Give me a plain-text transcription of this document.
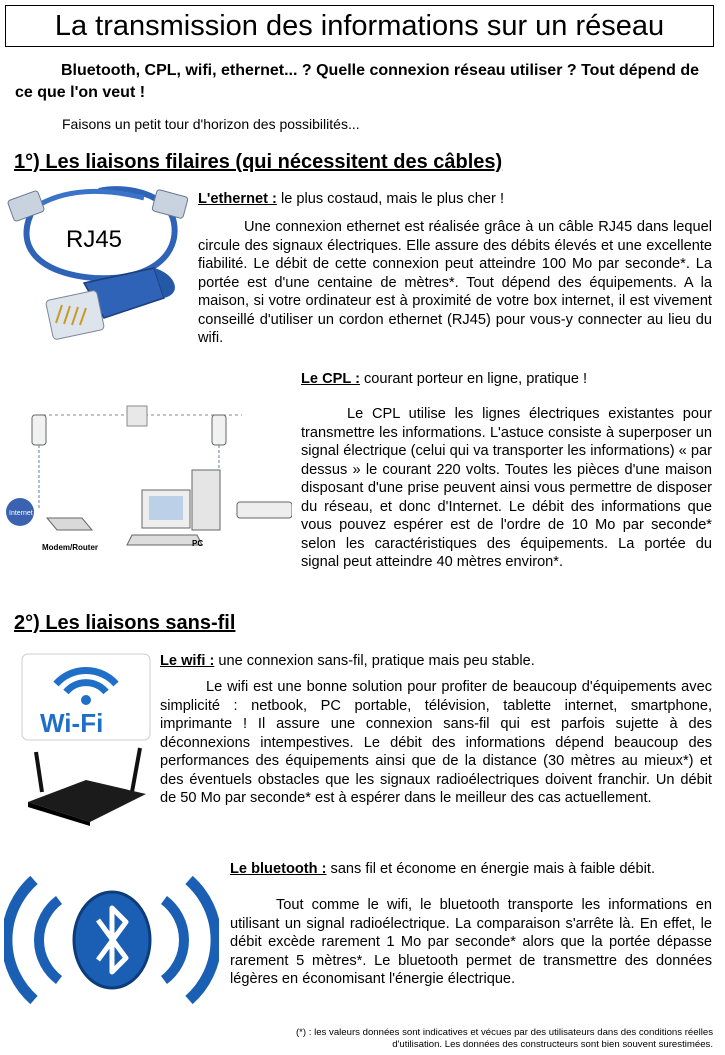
La transmission des informations sur un réseau
Bluetooth, CPL, wifi, ethernet... ? Quelle connexion réseau utiliser ? Tout dépend de ce que l'on veut !
Faisons un petit tour d'horizon des possibilités...
1°) Les liaisons filaires (qui nécessitent des câbles)
RJ45
L'ethernet : le plus costaud, mais le plus cher !
Une connexion ethernet est réalisée grâce à un câble RJ45 dans lequel circule des signaux électriques. Elle assure des débits élevés et une excellente fiabilité. Le débit de cette connexion peut atteindre 100 Mo par seconde*. La portée est d'une centaine de mètres*. Tout dépend des équipements. A la maison, si votre ordinateur est à proximité de votre box internet, il est vivement conseillé d'utiliser un cordon ethernet (RJ45) pour vous-y connecter au lieu du wifi.
Le CPL : courant porteur en ligne, pratique !
Internet
Modem/Router	PC
Le CPL utilise les lignes électriques existantes pour transmettre les informations. L'astuce consiste à superposer un signal électrique (celui qui va transporter les informations) « par dessus » le courant 220 volts. Toutes les pièces d'une maison disposant d'une prise peuvent ainsi vous permettre de disposer du réseau, et donc d'Internet. Le débit des informations que vous pouvez espérer est de l'ordre de 10 Mo par seconde* selon les caractéristiques des équipements. La portée du signal peut atteindre 40 mètres environ*.
2°) Les liaisons sans-fil
Wi-Fi
Le wifi : une connexion sans-fil, pratique mais peu stable.
Le wifi est une bonne solution pour profiter de beaucoup d'équipements avec simplicité : netbook, PC portable, télévision, tablette internet, smartphone, imprimante ! Il assure une connexion sans-fil qui est parfois sujette à des déconnexions intempestives. Le débit des informations dépend beaucoup des performances des équipements ainsi que de la distance (30 mètres au mieux*) et des éventuels obstacles que les signaux radioélectriques doivent franchir. Un débit de 50 Mo par seconde* est à espérer dans le meilleur des cas actuellement.
Le bluetooth : sans fil et économe en énergie mais à faible débit.
Tout comme le wifi, le bluetooth transporte les informations en utilisant un signal radioélectrique. La comparaison s'arrête là. En effet, le débit excède rarement 1 Mo par seconde* alors que la portée dépasse rarement 5 mètres*. Le bluetooth permet de transmettre des données légères en économisant l'énergie électrique.
(*) : les valeurs données sont indicatives et vécues par des utilisateurs dans des conditions réelles d'utilisation. Les données des constructeurs sont bien souvent surestimées.
